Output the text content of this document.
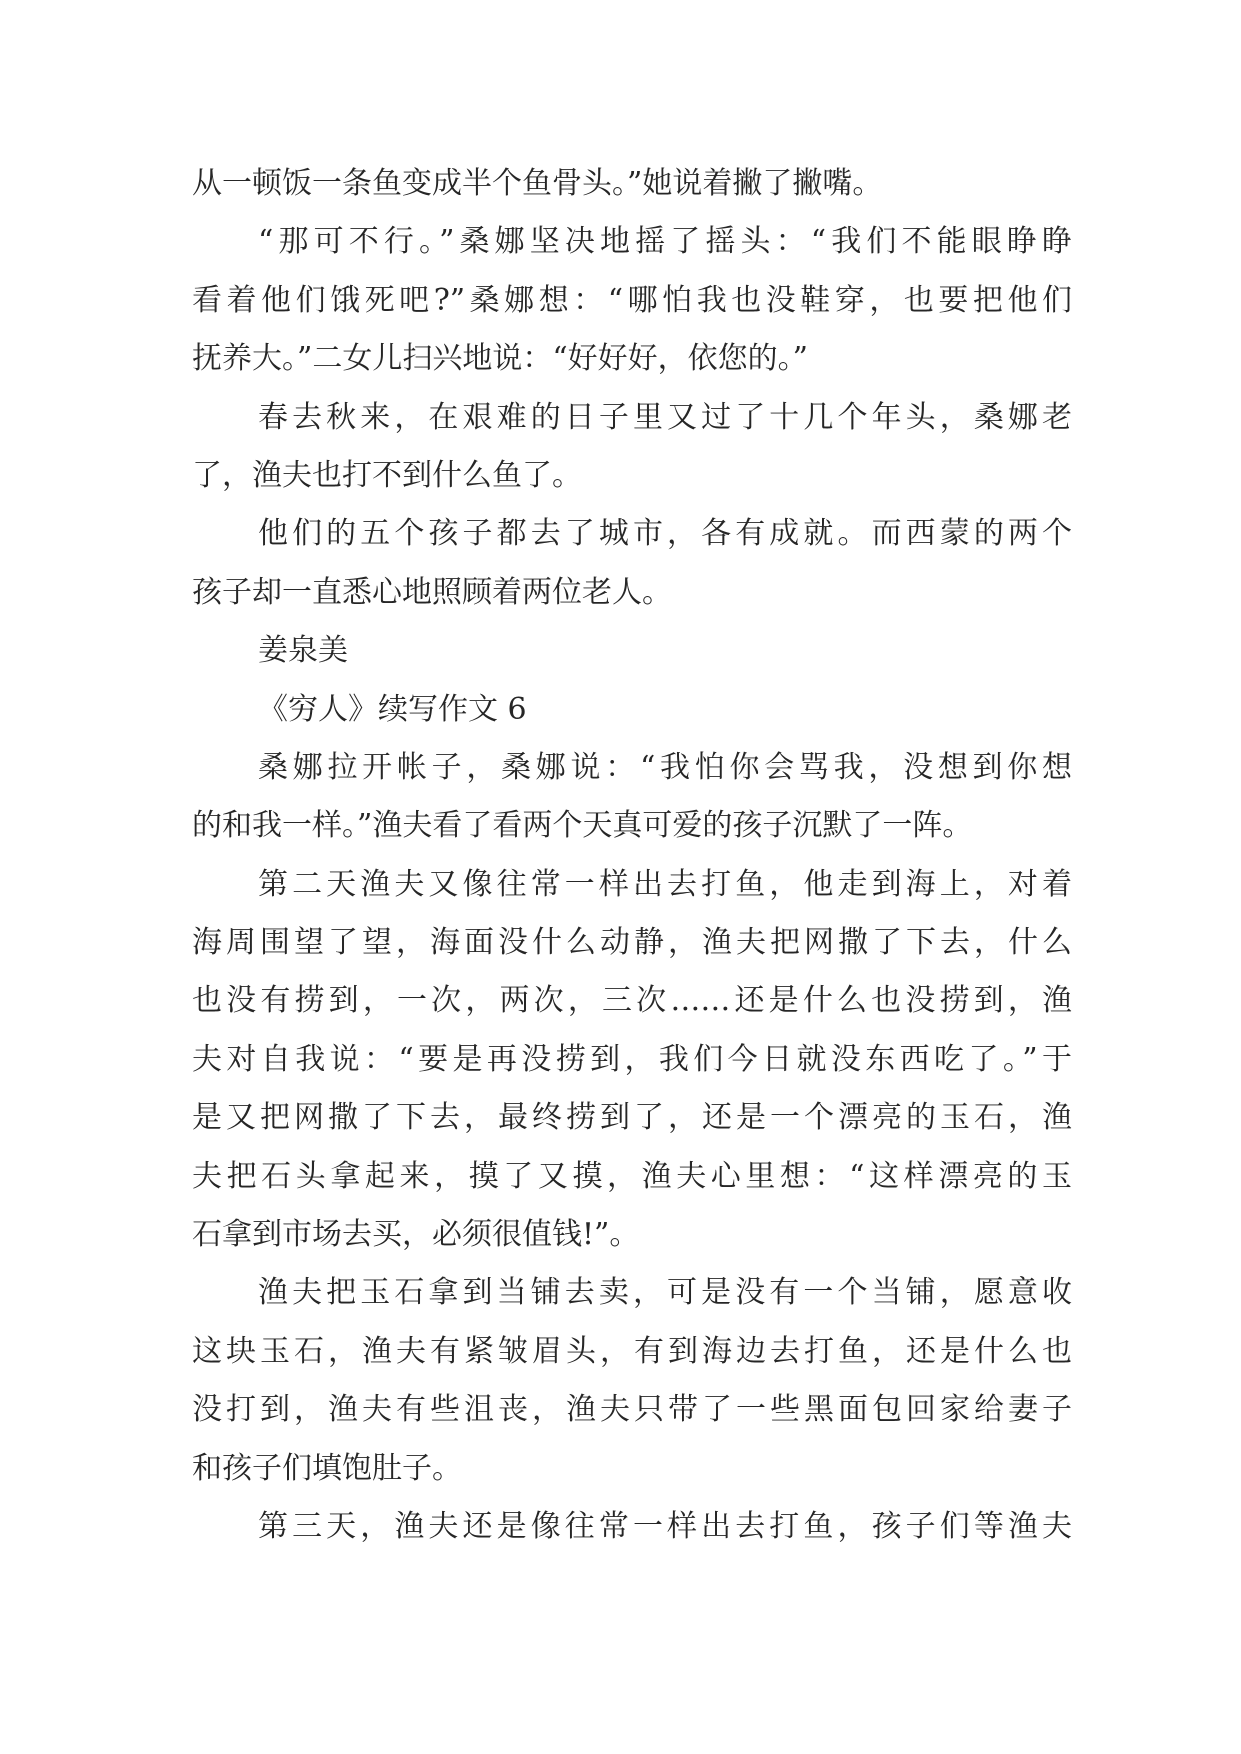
从一顿饭一条鱼变成半个鱼骨头。”她说着撇了撇嘴。
“那可不行。”桑娜坚决地摇了摇头：“我们不能眼睁睁
看着他们饿死吧?”桑娜想：“哪怕我也没鞋穿，也要把他们
抚养大。”二女儿扫兴地说：“好好好，依您的。”
春去秋来，在艰难的日子里又过了十几个年头，桑娜老
了，渔夫也打不到什么鱼了。
他们的五个孩子都去了城市，各有成就。而西蒙的两个
孩子却一直悉心地照顾着两位老人。
姜泉美
《穷人》续写作文 6
桑娜拉开帐子，桑娜说：“我怕你会骂我，没想到你想
的和我一样。”渔夫看了看两个天真可爱的孩子沉默了一阵。
第二天渔夫又像往常一样出去打鱼，他走到海上，对着
海周围望了望，海面没什么动静，渔夫把网撒了下去，什么
也没有捞到，一次，两次，三次……还是什么也没捞到，渔
夫对自我说：“要是再没捞到，我们今日就没东西吃了。”于
是又把网撒了下去，最终捞到了，还是一个漂亮的玉石，渔
夫把石头拿起来，摸了又摸，渔夫心里想：“这样漂亮的玉
石拿到市场去买，必须很值钱!”。
渔夫把玉石拿到当铺去卖，可是没有一个当铺，愿意收
这块玉石，渔夫有紧皱眉头，有到海边去打鱼，还是什么也
没打到，渔夫有些沮丧，渔夫只带了一些黑面包回家给妻子
和孩子们填饱肚子。
第三天，渔夫还是像往常一样出去打鱼，孩子们等渔夫
